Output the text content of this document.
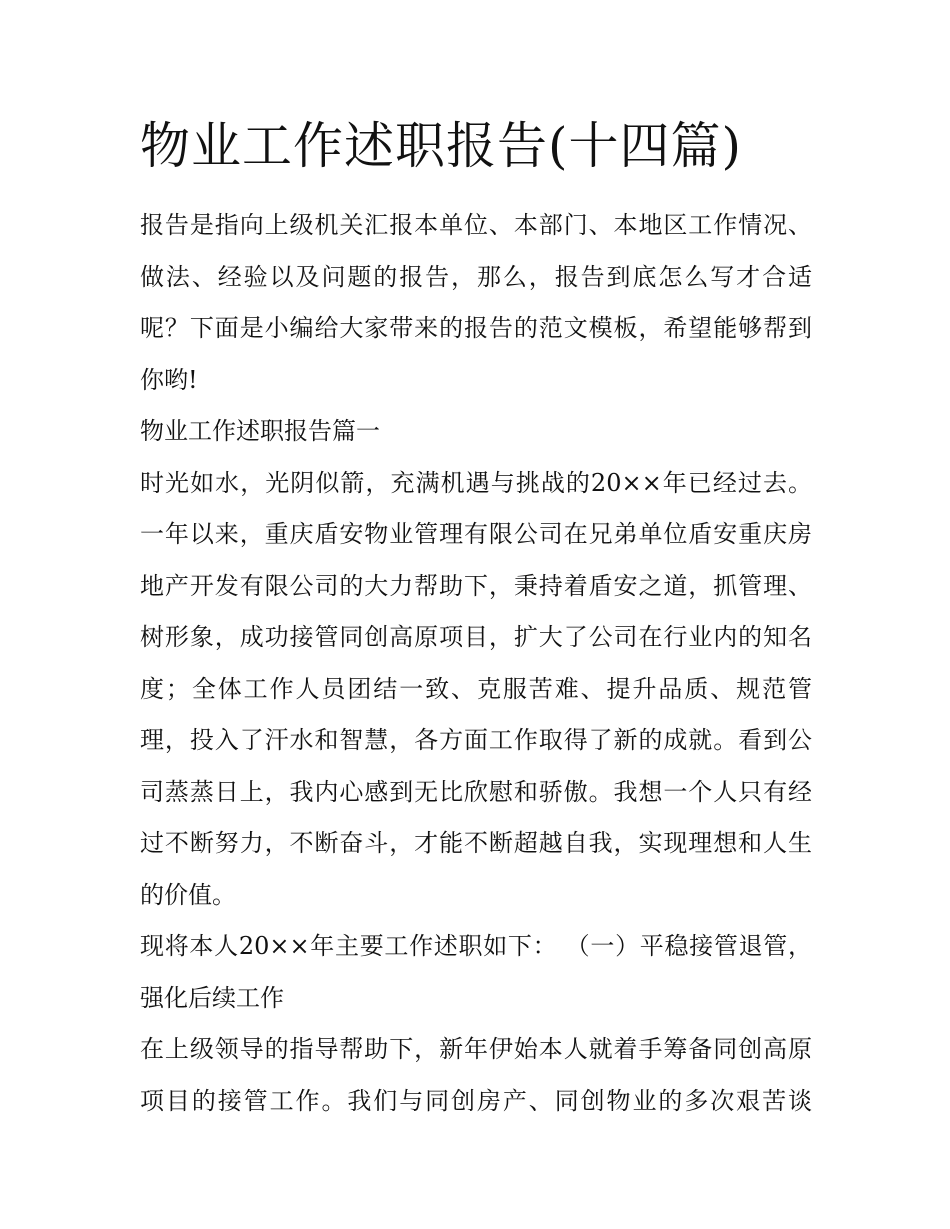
物业工作述职报告(十四篇)
报告是指向上级机关汇报本单位、本部门、本地区工作情况、
做法、经验以及问题的报告，那么，报告到底怎么写才合适
呢？下面是小编给大家带来的报告的范文模板，希望能够帮到
你哟!
物业工作述职报告篇一
时光如水，光阴似箭，充满机遇与挑战的20××年已经过去。
一年以来，重庆盾安物业管理有限公司在兄弟单位盾安重庆房
地产开发有限公司的大力帮助下，秉持着盾安之道，抓管理、
树形象，成功接管同创高原项目，扩大了公司在行业内的知名
度；全体工作人员团结一致、克服苦难、提升品质、规范管
理，投入了汗水和智慧，各方面工作取得了新的成就。看到公
司蒸蒸日上，我内心感到无比欣慰和骄傲。我想一个人只有经
过不断努力，不断奋斗，才能不断超越自我，实现理想和人生
的价值。
现将本人20××年主要工作述职如下： （一）平稳接管退管，
强化后续工作
在上级领导的指导帮助下，新年伊始本人就着手筹备同创高原
项目的接管工作。我们与同创房产、同创物业的多次艰苦谈
